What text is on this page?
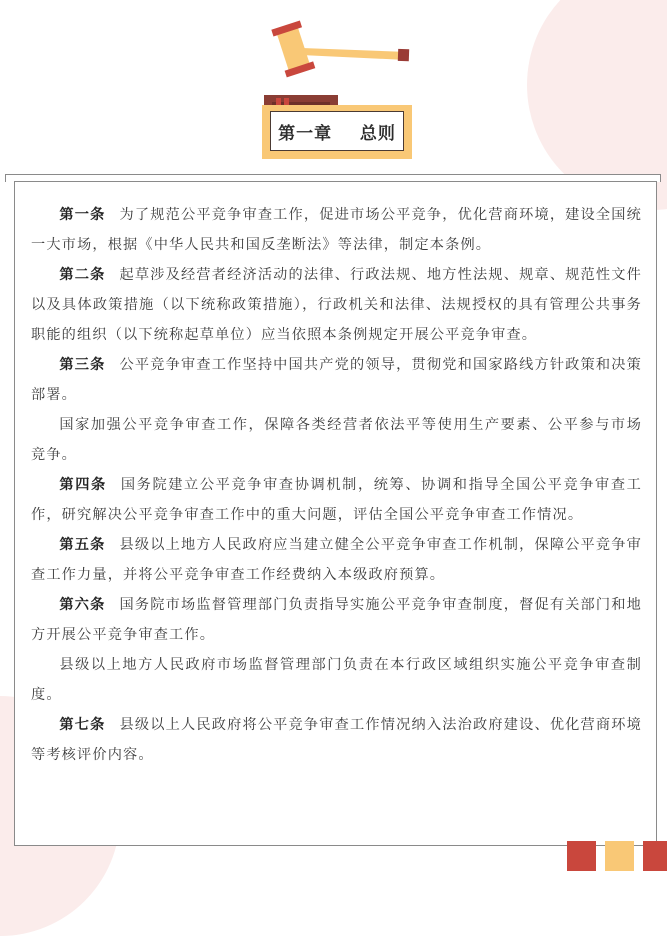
第一章    总则

第一条 为了规范公平竞争审查工作，促进市场公平竞争，优化营商环境，建设全国统一大市场，根据《中华人民共和国反垄断法》等法律，制定本条例。

第二条 起草涉及经营者经济活动的法律、行政法规、地方性法规、规章、规范性文件以及具体政策措施（以下统称政策措施），行政机关和法律、法规授权的具有管理公共事务职能的组织（以下统称起草单位）应当依照本条例规定开展公平竞争审查。

第三条 公平竞争审查工作坚持中国共产党的领导，贯彻党和国家路线方针政策和决策部署。

国家加强公平竞争审查工作，保障各类经营者依法平等使用生产要素、公平参与市场竞争。

第四条 国务院建立公平竞争审查协调机制，统筹、协调和指导全国公平竞争审查工作，研究解决公平竞争审查工作中的重大问题，评估全国公平竞争审查工作情况。

第五条 县级以上地方人民政府应当建立健全公平竞争审查工作机制，保障公平竞争审查工作力量，并将公平竞争审查工作经费纳入本级政府预算。

第六条 国务院市场监督管理部门负责指导实施公平竞争审查制度，督促有关部门和地方开展公平竞争审查工作。

县级以上地方人民政府市场监督管理部门负责在本行政区域组织实施公平竞争审查制度。

第七条 县级以上人民政府将公平竞争审查工作情况纳入法治政府建设、优化营商环境等考核评价内容。
